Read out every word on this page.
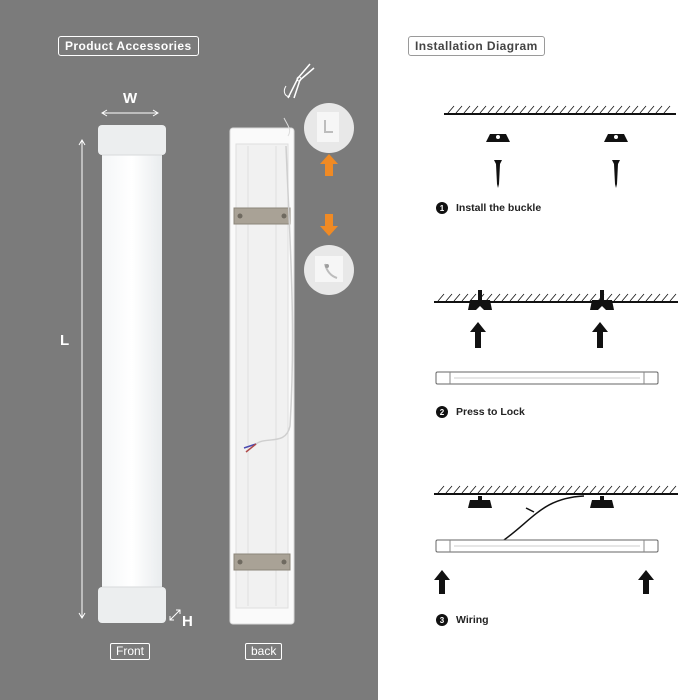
Product Accessories
W
L
H
Front	back
Installation Diagram
1	Install the buckle
2	Press to Lock
3	Wiring
